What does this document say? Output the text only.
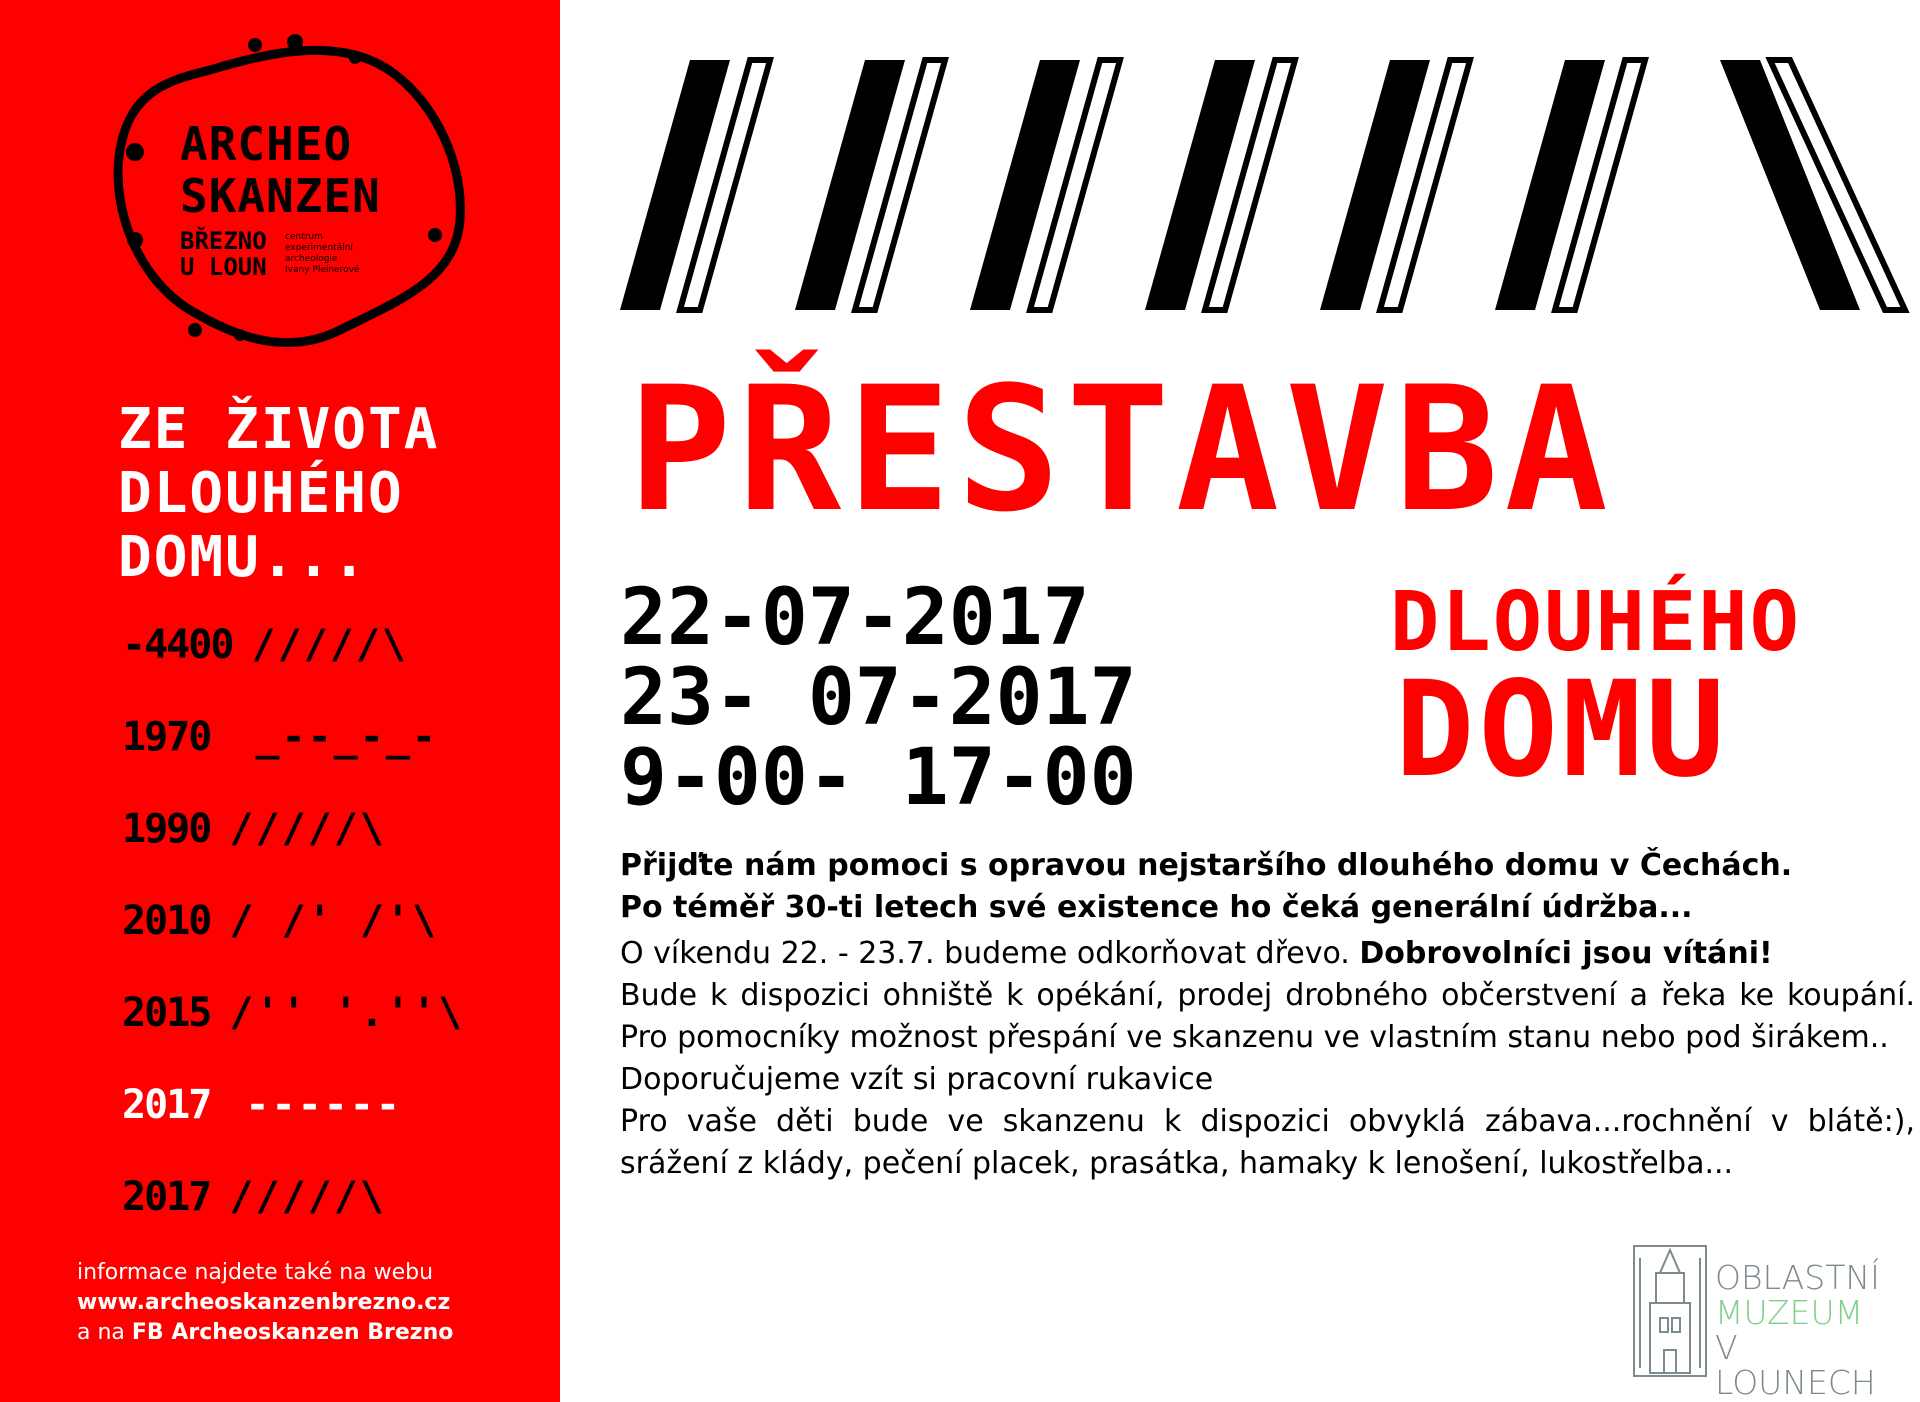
ARCHEO
SKANZEN
BŘEZNO
U LOUN
centrum
experimentální
archeologie
Ivany Pleinerové
ZE ŽIVOTA
DLOUHÉHO
DOMU...
-4400 /////\
1970 _--_-_-
1990 /////\
2010 / /' /'\
2015 /'' '.''\
2017 ------
2017 /////\
informace najdete také na webu
www.archeoskanzenbrezno.cz
a na FB Archeoskanzen Brezno
PŘESTAVBA
22-07-2017
23- 07-2017
9-00- 17-00
DLOUHÉHO
DOMU
Přijďte nám pomoci s opravou nejstaršího dlouhého domu v Čechách.
Po téměř 30-ti letech své existence ho čeká generální údržba...

O víkendu 22. - 23.7. budeme odkorňovat dřevo. Dobrovolníci jsou vítáni!

Bude k dispozici ohniště k opékání, prodej drobného občerstvení a řeka ke koupání. Pro pomocníky možnost přespání ve skanzenu ve vlastním stanu nebo pod širákem..

Doporučujeme vzít si pracovní rukavice

Pro vaše děti bude ve skanzenu k dispozici obvyklá zábava...rochnění v blátě:), srážení z klády, pečení placek, prasátka, hamaky k lenošení, lukostřelba...

OBLASTNÍ
MUZEUM
V LOUNECH
